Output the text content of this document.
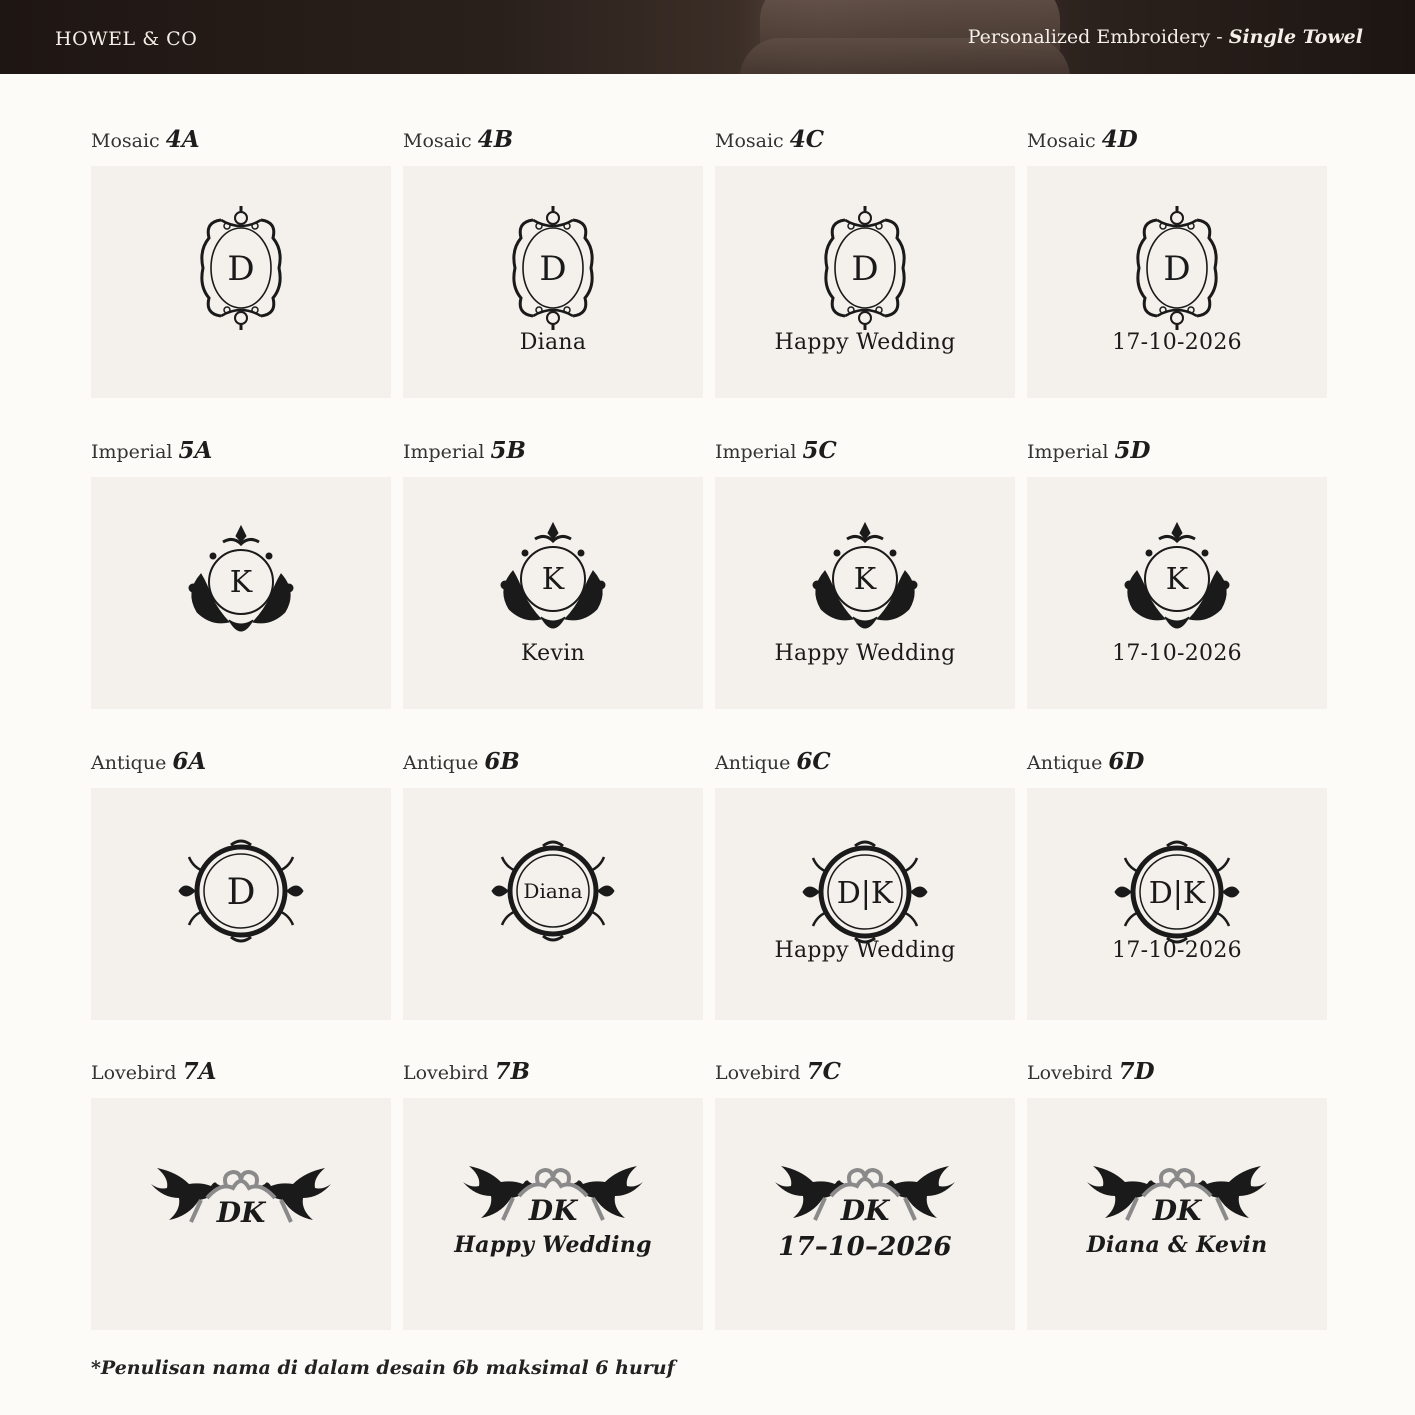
HOWEL & CO	Personalized Embroidery - Single Towel
Mosaic 4A
D
Mosaic 4B
D
Diana
Mosaic 4C
D
Happy Wedding
Mosaic 4D
D
17-10-2026
Imperial 5A
K
Imperial 5B
K
Kevin
Imperial 5C
K
Happy Wedding
Imperial 5D
K
17-10-2026
Antique 6A
D
Antique 6B
Diana
Antique 6C
D|K
Happy Wedding
Antique 6D
D|K
17-10-2026
Lovebird 7A
DK
Lovebird 7B
DK
Happy Wedding
Lovebird 7C
DK
17–10–2026
Lovebird 7D
DK
Diana & Kevin
*Penulisan nama di dalam desain 6b maksimal 6 huruf
